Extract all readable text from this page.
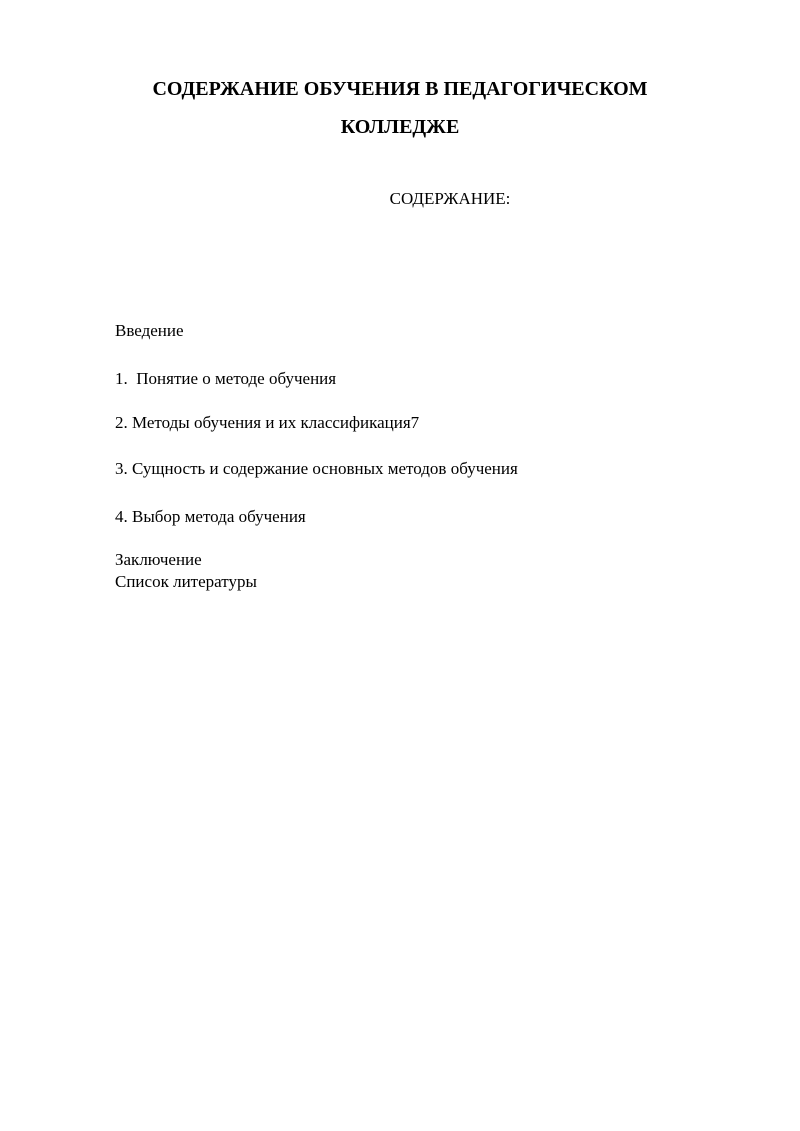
СОДЕРЖАНИЕ ОБУЧЕНИЯ В ПЕДАГОГИЧЕСКОМ
КОЛЛЕДЖЕ

СОДЕРЖАНИЕ:

Введение

1.  Понятие о методе обучения

2. Методы обучения и их классификация7

3. Сущность и содержание основных методов обучения

4. Выбор метода обучения

Заключение

Список литературы
